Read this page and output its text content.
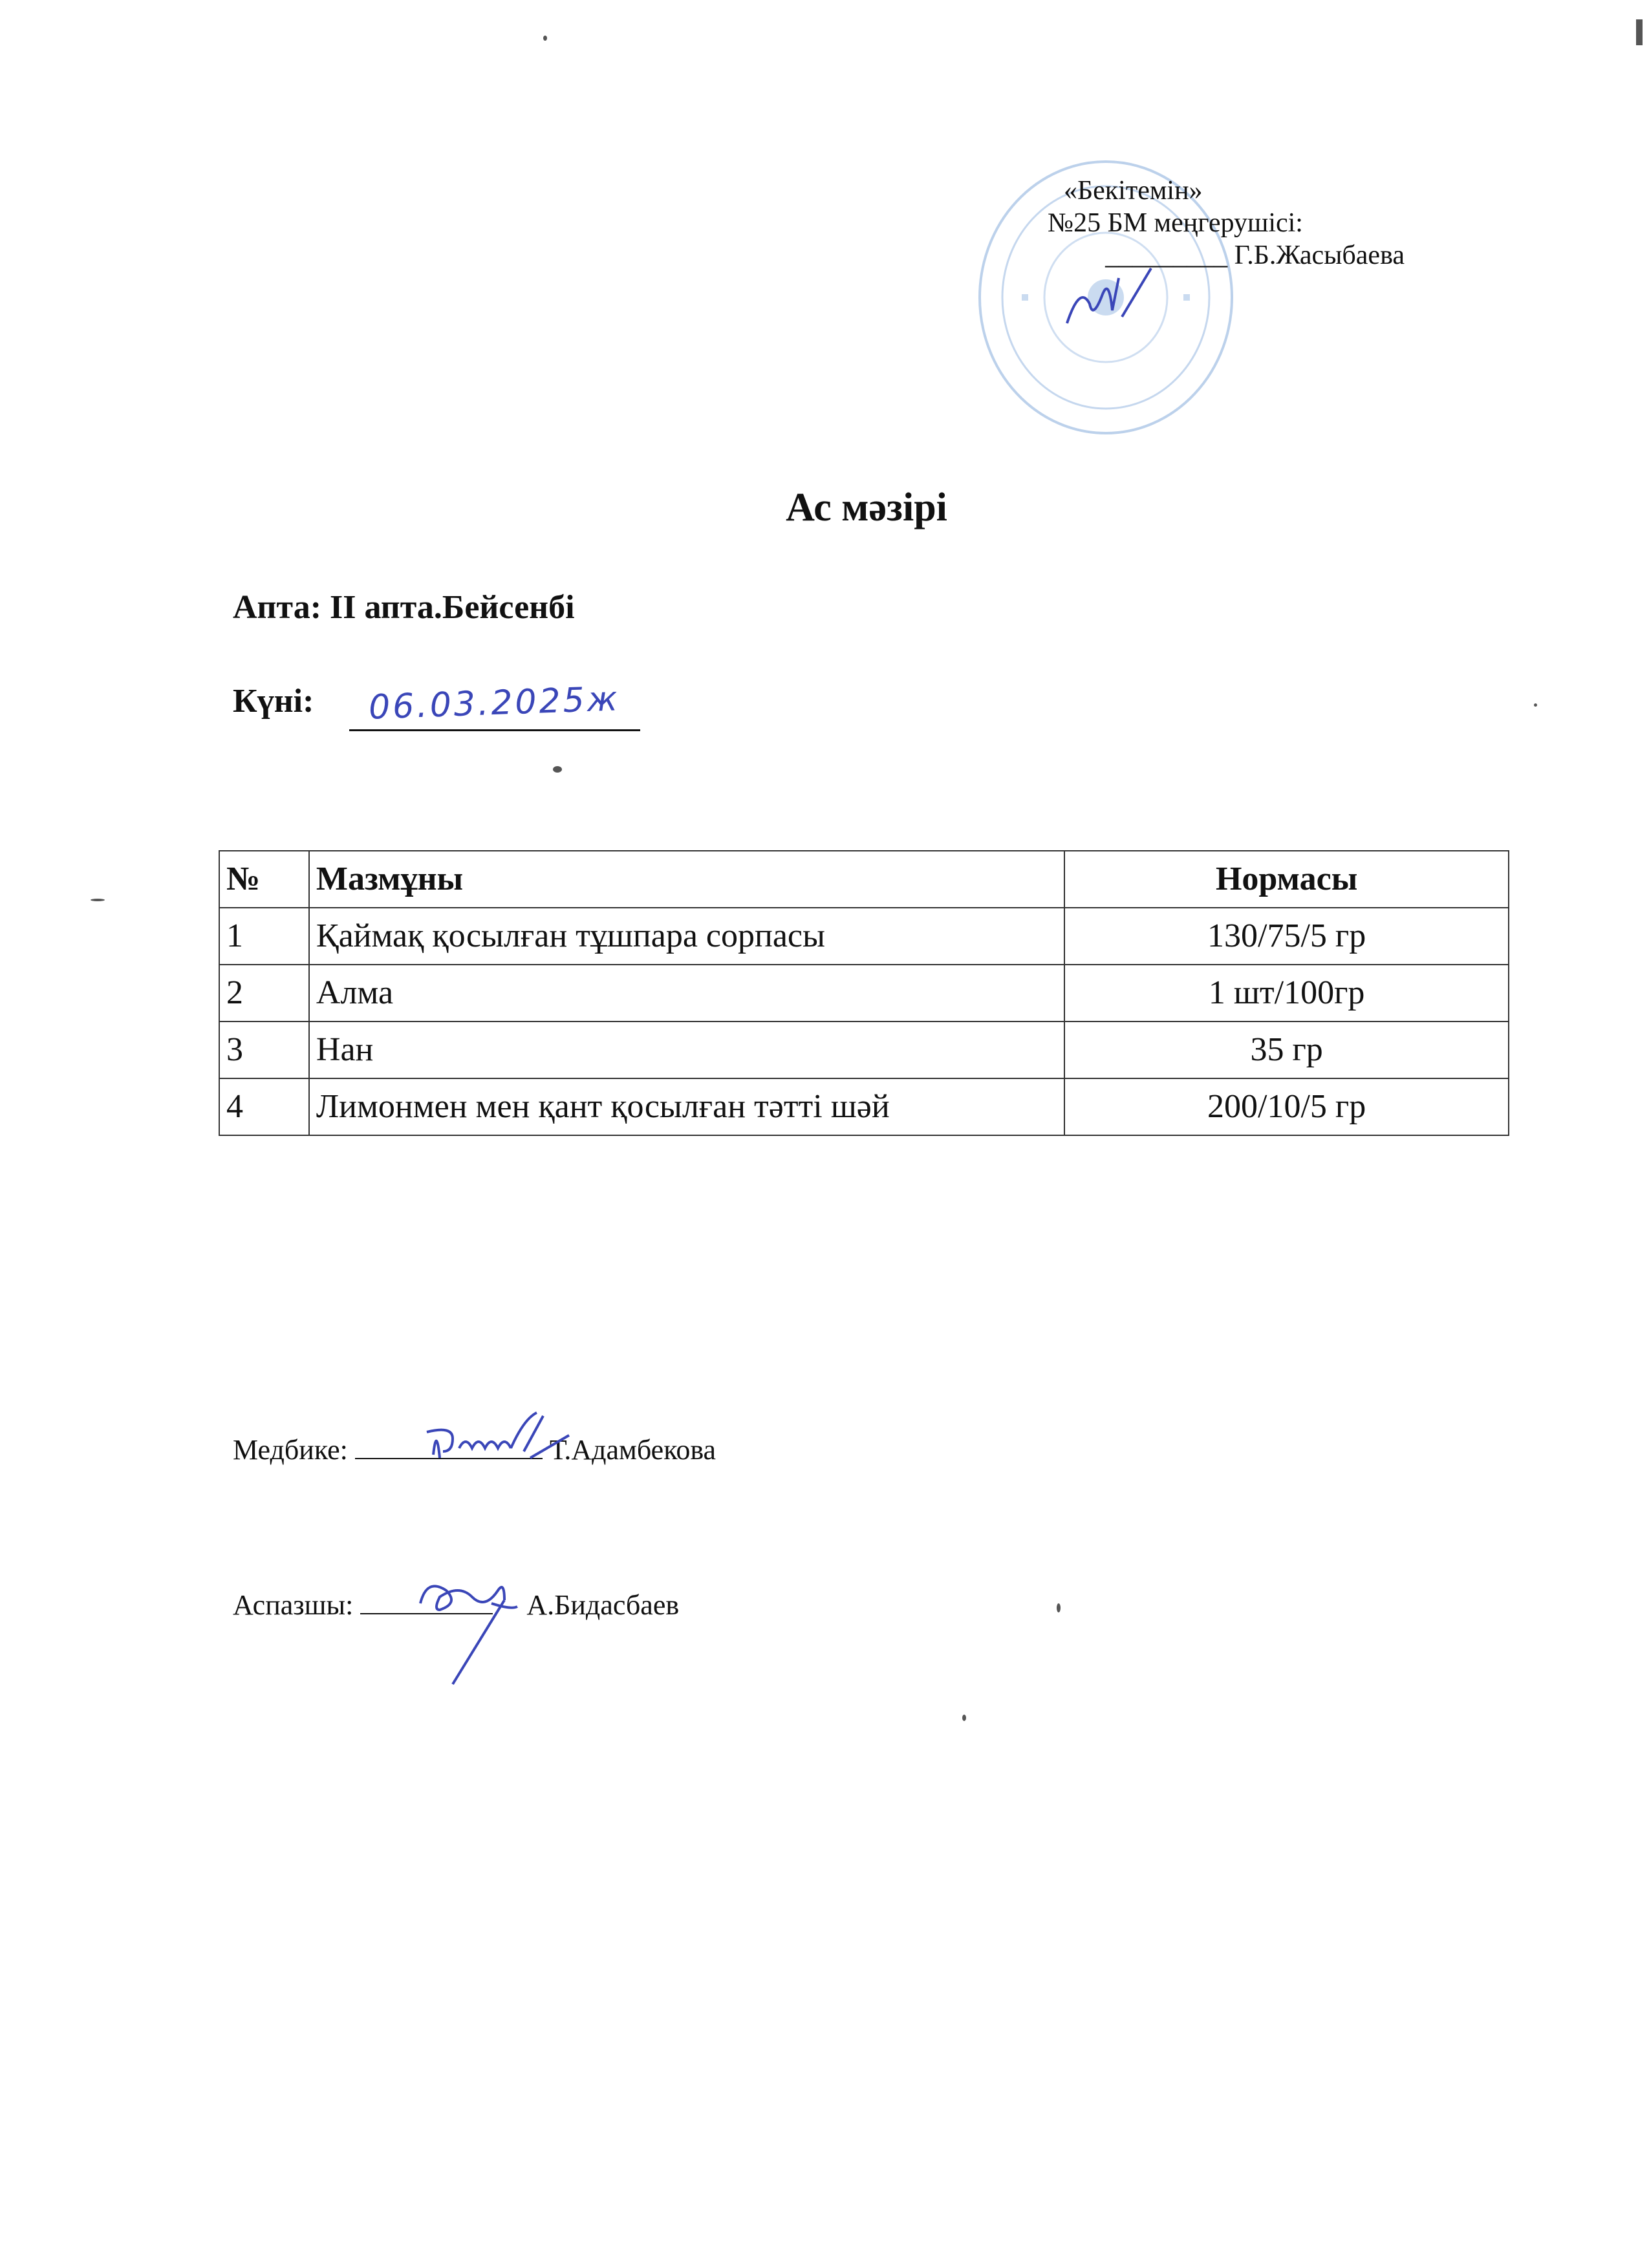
«Бекітемін»
№25 БМ меңгерушісі:
_________ Г.Б.Жасыбаева
Ас мәзірі
Апта: ІІ апта.Бейсенбі
Күні: 06.03.2025ж
№	Мазмұны	Нормасы
1	Қаймақ қосылған тұшпара сорпасы	130/75/5 гр
2	Алма	1 шт/100гр
3	Нан	35 гр
4	Лимонмен мен қант қосылған тәтті шәй	200/10/5 гр
Медбике:	Т.Адамбекова
Аспазшы:	А.Бидасбаев
